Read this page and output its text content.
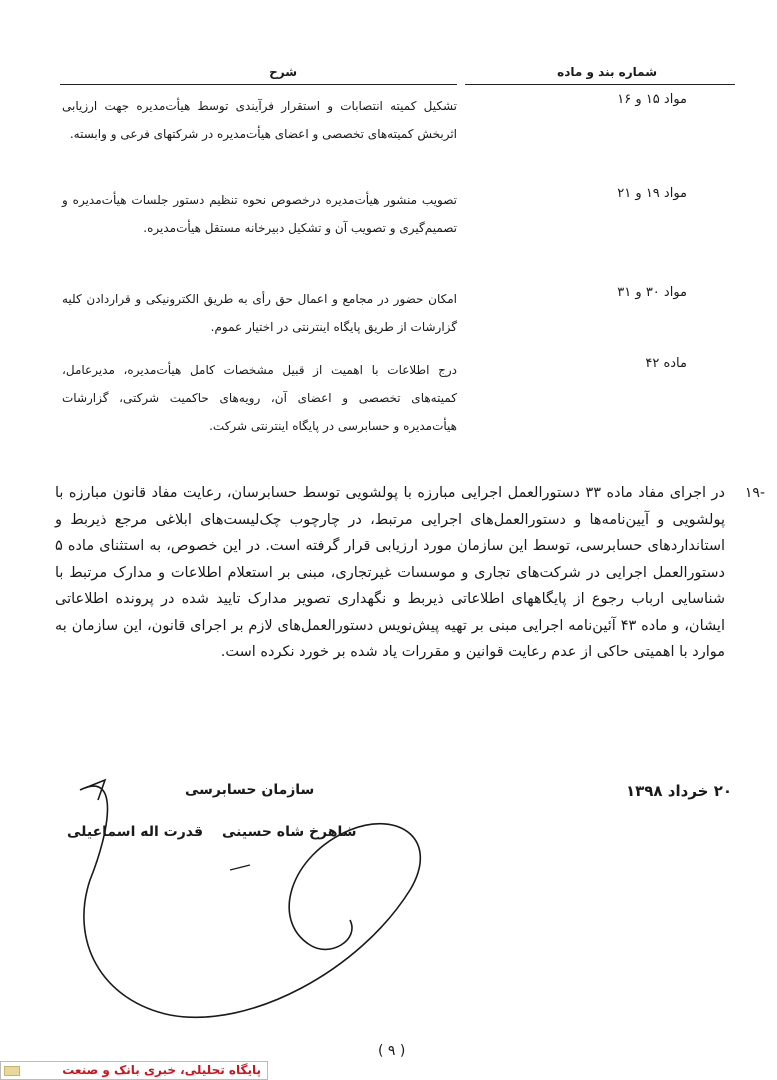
شماره بند و ماده
شرح
مواد ۱۵ و ۱۶
تشکیل کمیته انتصابات و استقرار فرآیندی توسط هیأت‌مدیره جهت ارزیابی اثربخش کمیته‌های تخصصی و اعضای هیأت‌مدیره در شرکتهای فرعی و وابسته.
مواد ۱۹ و ۲۱
تصویب منشور هیأت‌مدیره درخصوص نحوه تنظیم دستور جلسات هیأت‌مدیره و تصمیم‌گیری و تصویب آن و تشکیل دبیرخانه مستقل هیأت‌مدیره.
مواد ۳۰ و ۳۱
امکان حضور در مجامع و اعمال حق رأی به طریق الکترونیکی و قراردادن کلیه گزارشات از طریق پایگاه اینترنتی در اختیار عموم.
ماده ۴۲
درج اطلاعات با اهمیت از قبیل مشخصات کامل هیأت‌مدیره، مدیرعامل، کمیته‌های تخصصی و اعضای آن، رویه‌های حاکمیت شرکتی، گزارشات هیأت‌مدیره و حسابرسی در پایگاه اینترنتی شرکت.
-۱۹
در اجرای مفاد ماده ۳۳ دستورالعمل اجرایی مبارزه با پولشویی توسط حسابرسان، رعایت مفاد قانون مبارزه با پولشویی و آیین‌نامه‌ها و دستورالعمل‌های اجرایی مرتبط، در چارچوب چک‌لیست‌های ابلاغی مرجع ذیربط و استانداردهای حسابرسی، توسط این سازمان مورد ارزیابی قرار گرفته است. در این خصوص، به استثنای ماده ۵ دستورالعمل اجرایی در شرکت‌های تجاری و موسسات غیرتجاری، مبنی بر استعلام اطلاعات و مدارک مرتبط با شناسایی ارباب رجوع از پایگاههای اطلاعاتی ذیربط و نگهداری تصویر مدارک تایید شده در پرونده اطلاعاتی ایشان، و ماده ۴۳ آئین‌نامه اجرایی مبنی بر تهیه پیش‌نویس دستورالعمل‌های لازم بر اجرای قانون، این سازمان به موارد با اهمیتی حاکی از عدم رعایت قوانین و مقررات یاد شده بر خورد نکرده است.
۲۰ خرداد ۱۳۹۸
سازمان حسابرسی
شاهرخ شاه حسینی
قدرت اله اسماعیلی
( ۹ )
پایگاه تحلیلی، خبری بانک و صنعت
